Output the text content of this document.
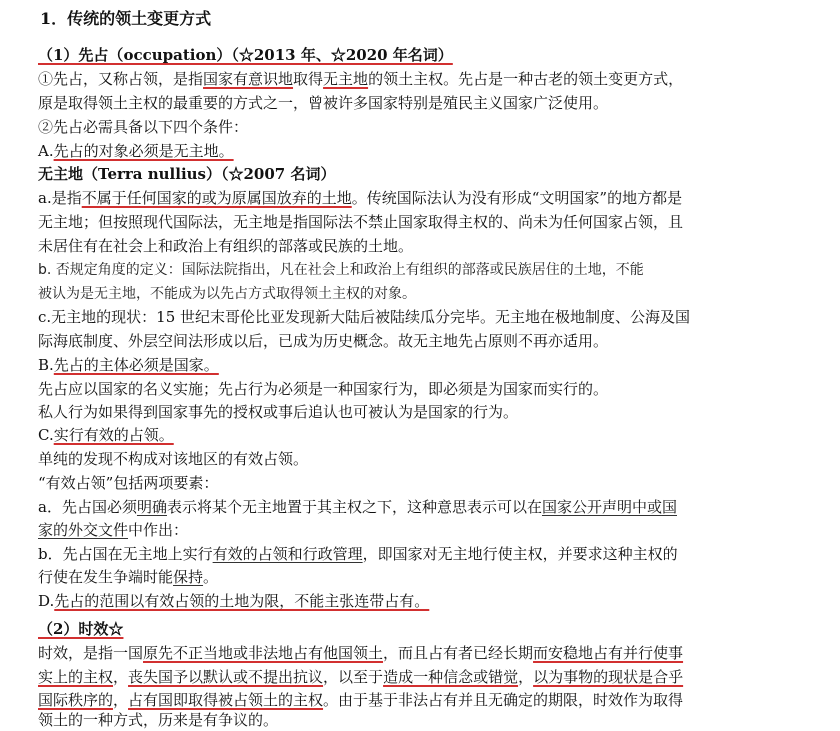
1．传统的领土变更方式
（1）先占（occupation）（☆2013 年、☆2020 年名词）
①先占，又称占领，是指国家有意识地取得无主地的领土主权。先占是一种古老的领土变更方式，
原是取得领土主权的最重要的方式之一，曾被许多国家特别是殖民主义国家广泛使用。
②先占必需具备以下四个条件：
A.先占的对象必须是无主地。
无主地（Terra nullius）（☆2007 名词）
a.是指不属于任何国家的或为原属国放弃的土地。传统国际法认为没有形成“文明国家”的地方都是
无主地；但按照现代国际法，无主地是指国际法不禁止国家取得主权的、尚未为任何国家占领，且
未居住有在社会上和政治上有组织的部落或民族的土地。
b. 否规定角度的定义：国际法院指出，凡在社会上和政治上有组织的部落或民族居住的土地，不能
被认为是无主地，不能成为以先占方式取得领土主权的对象。
c.无主地的现状：15 世纪末哥伦比亚发现新大陆后被陆续瓜分完毕。无主地在极地制度、公海及国
际海底制度、外层空间法形成以后，已成为历史概念。故无主地先占原则不再亦适用。
B.先占的主体必须是国家。
先占应以国家的名义实施；先占行为必须是一种国家行为，即必须是为国家而实行的。
私人行为如果得到国家事先的授权或事后追认也可被认为是国家的行为。
C.实行有效的占领。
单纯的发现不构成对该地区的有效占领。
“有效占领”包括两项要素：
a．先占国必须明确表示将某个无主地置于其主权之下，这种意思表示可以在国家公开声明中或国
家的外交文件中作出：
b．先占国在无主地上实行有效的占领和行政管理，即国家对无主地行使主权，并要求这种主权的
行使在发生争端时能保持。
D.先占的范围以有效占领的土地为限，不能主张连带占有。
（2）时效☆
时效，是指一国原先不正当地或非法地占有他国领土，而且占有者已经长期而安稳地占有并行使事
实上的主权，丧失国予以默认或不提出抗议，以至于造成一种信念或错觉，以为事物的现状是合乎
国际秩序的，占有国即取得被占领土的主权。由于基于非法占有并且无确定的期限，时效作为取得
领土的一种方式，历来是有争议的。
